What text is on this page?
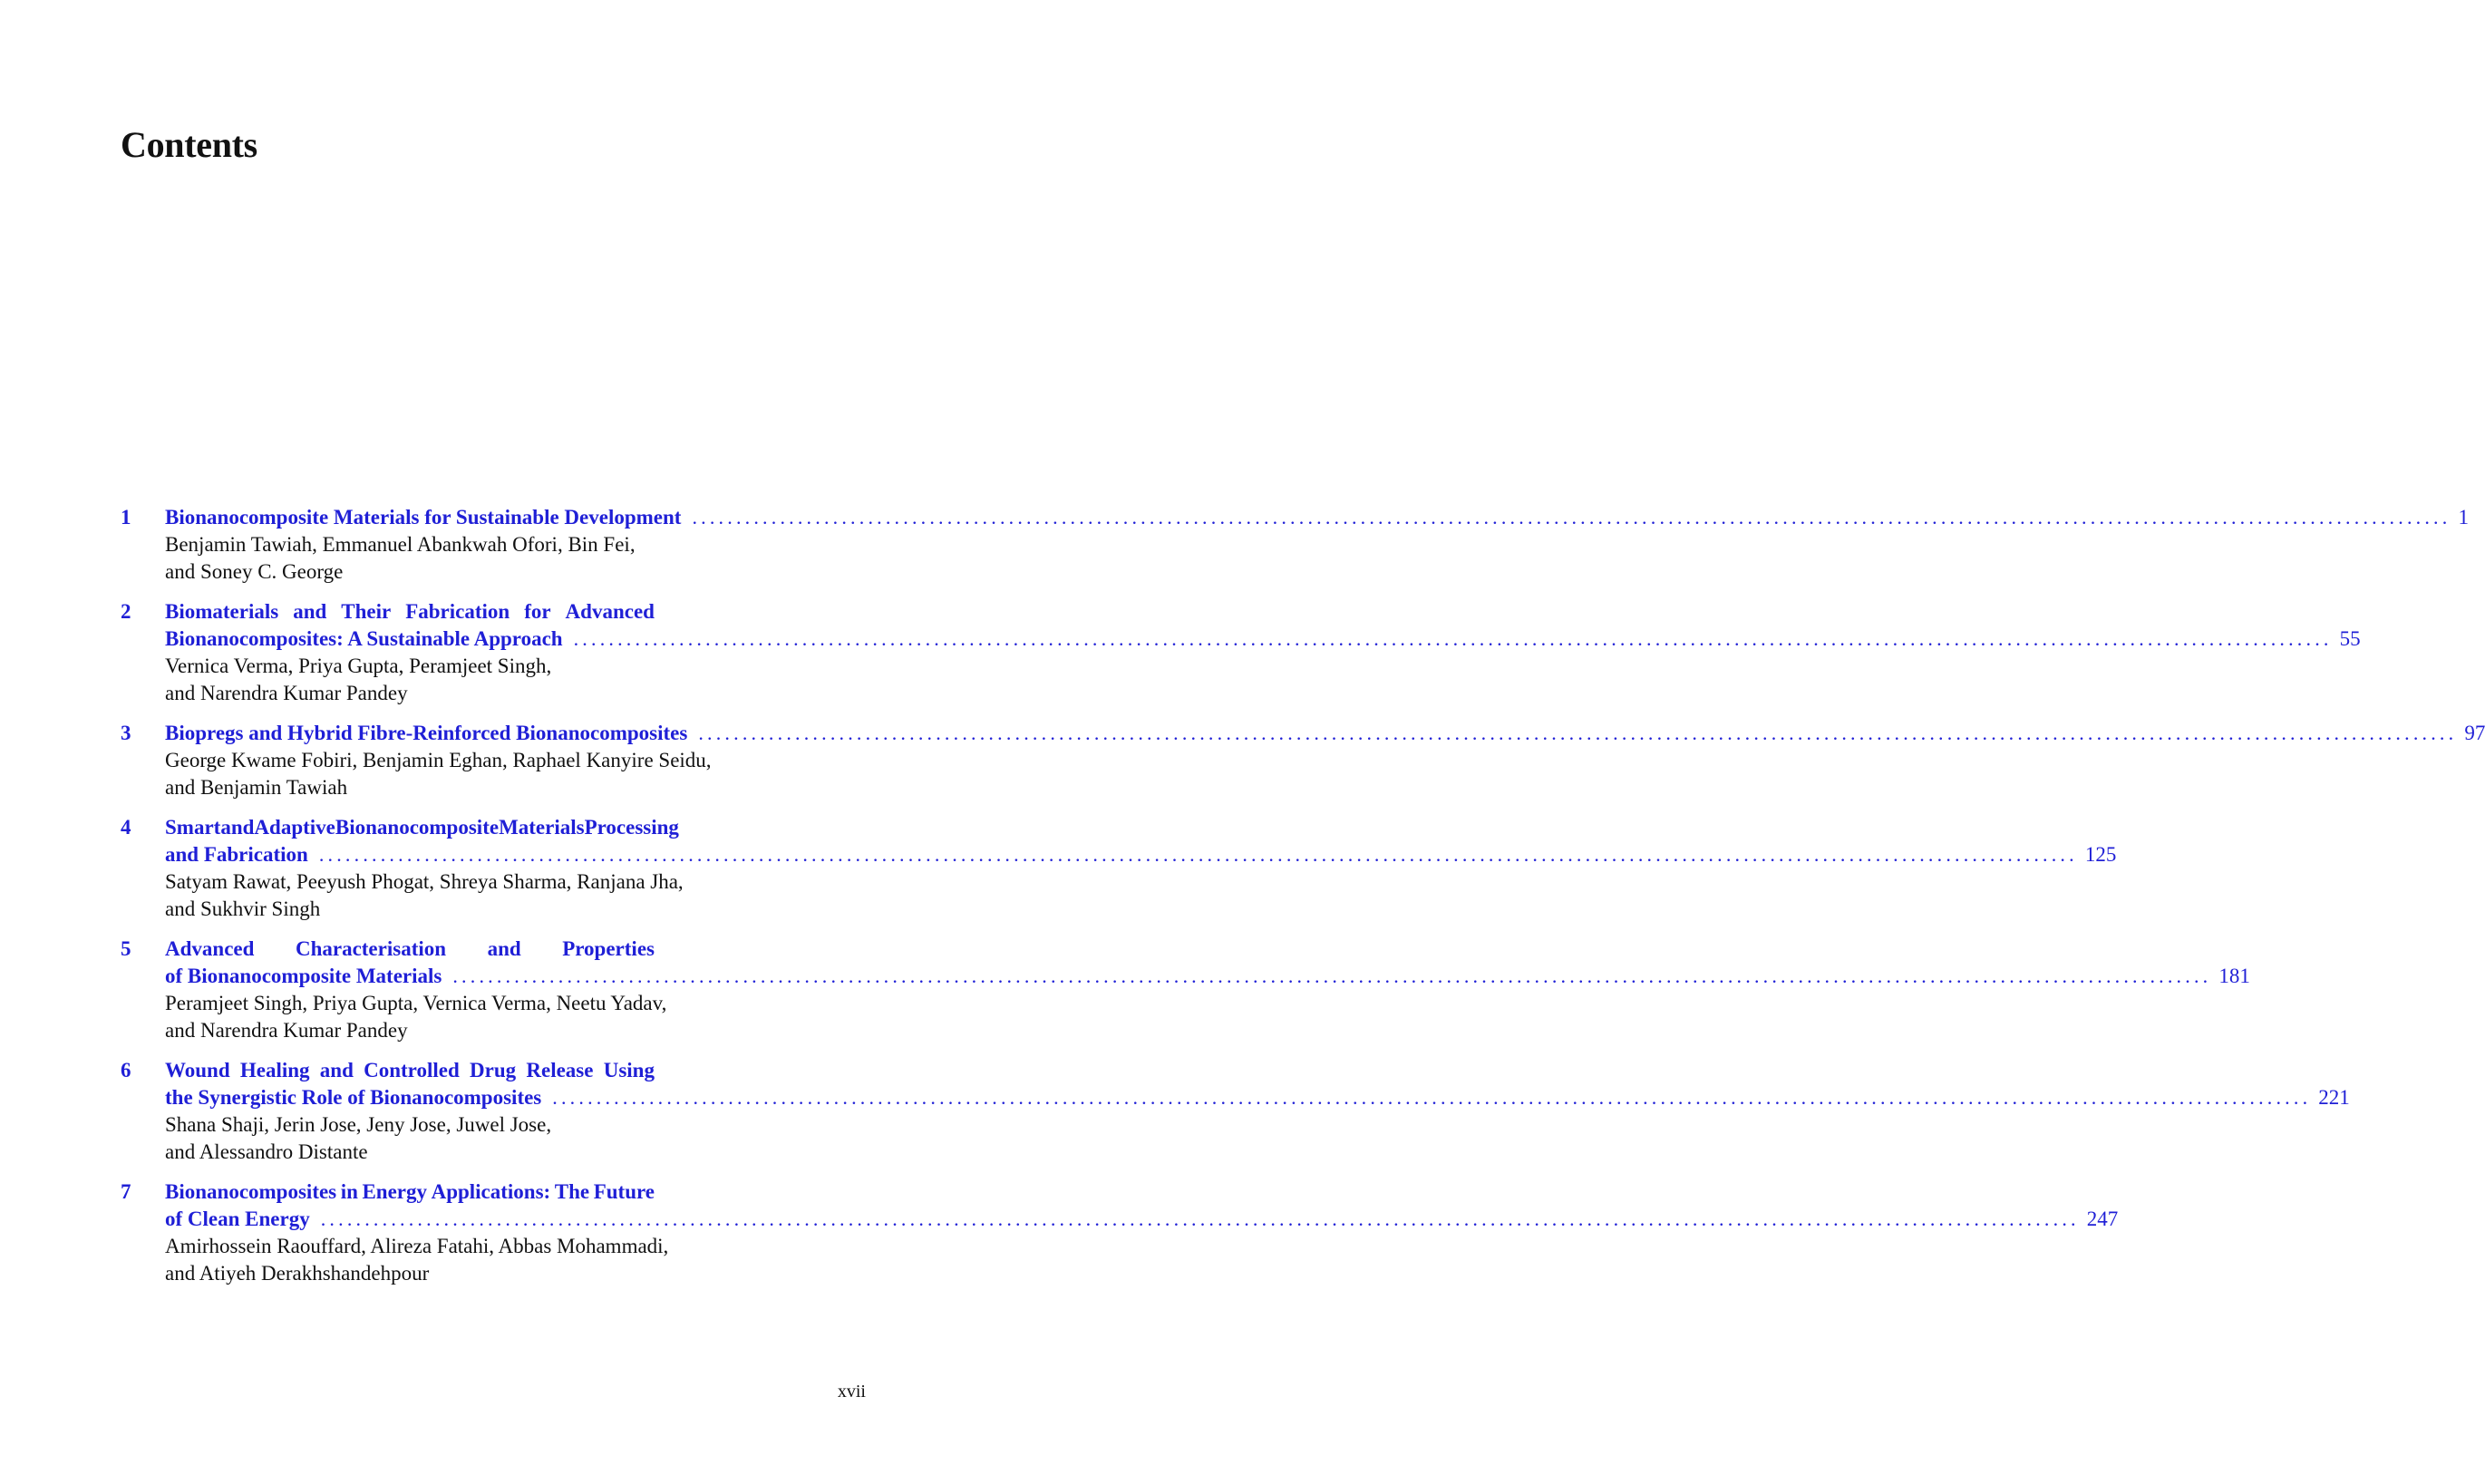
Contents
1	Bionanocomposite Materials for Sustainable Development ........................................................................................................................................................................................................ 1
Benjamin Tawiah, Emmanuel Abankwah Ofori, Bin Fei,
and Soney C. George
2	Biomaterials and Their Fabrication for Advanced
Bionanocomposites: A Sustainable Approach ........................................................................................................................................................................................................ 55
Vernica Verma, Priya Gupta, Peramjeet Singh,
and Narendra Kumar Pandey
3	Biopregs and Hybrid Fibre-Reinforced Bionanocomposites ........................................................................................................................................................................................................ 97
George Kwame Fobiri, Benjamin Eghan, Raphael Kanyire Seidu,
and Benjamin Tawiah
4	Smart and Adaptive Bionanocomposite Materials Processing
and Fabrication ........................................................................................................................................................................................................ 125
Satyam Rawat, Peeyush Phogat, Shreya Sharma, Ranjana Jha,
and Sukhvir Singh
5	Advanced Characterisation and Properties
of Bionanocomposite Materials ........................................................................................................................................................................................................ 181
Peramjeet Singh, Priya Gupta, Vernica Verma, Neetu Yadav,
and Narendra Kumar Pandey
6	Wound Healing and Controlled Drug Release Using
the Synergistic Role of Bionanocomposites ........................................................................................................................................................................................................ 221
Shana Shaji, Jerin Jose, Jeny Jose, Juwel Jose,
and Alessandro Distante
7	Bionanocomposites in Energy Applications: The Future
of Clean Energy ........................................................................................................................................................................................................ 247
Amirhossein Raouffard, Alireza Fatahi, Abbas Mohammadi,
and Atiyeh Derakhshandehpour
xvii
